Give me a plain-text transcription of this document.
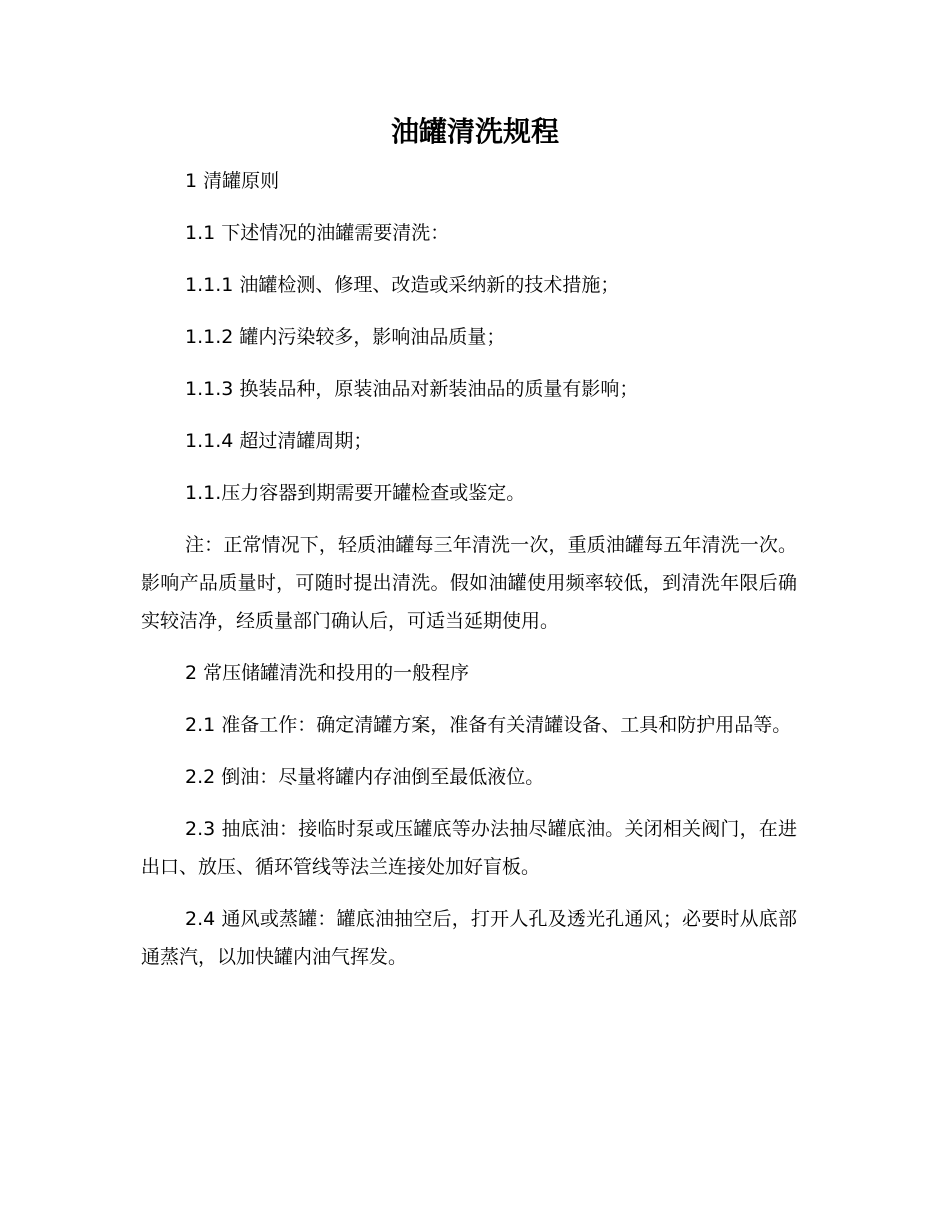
油罐清洗规程

1 清罐原则

1.1 下述情况的油罐需要清洗：

1.1.1 油罐检测、修理、改造或采纳新的技术措施；

1.1.2 罐内污染较多，影响油品质量；

1.1.3 换装品种，原装油品对新装油品的质量有影响；

1.1.4 超过清罐周期；

1.1.压力容器到期需要开罐检查或鉴定。

注：正常情况下，轻质油罐每三年清洗一次，重质油罐每五年清洗一次。影响产品质量时，可随时提出清洗。假如油罐使用频率较低，到清洗年限后确实较洁净，经质量部门确认后，可适当延期使用。

2 常压储罐清洗和投用的一般程序

2.1 准备工作：确定清罐方案，准备有关清罐设备、工具和防护用品等。

2.2 倒油：尽量将罐内存油倒至最低液位。

2.3 抽底油：接临时泵或压罐底等办法抽尽罐底油。关闭相关阀门，在进出口、放压、循环管线等法兰连接处加好盲板。

2.4 通风或蒸罐：罐底油抽空后，打开人孔及透光孔通风；必要时从底部通蒸汽，以加快罐内油气挥发。
